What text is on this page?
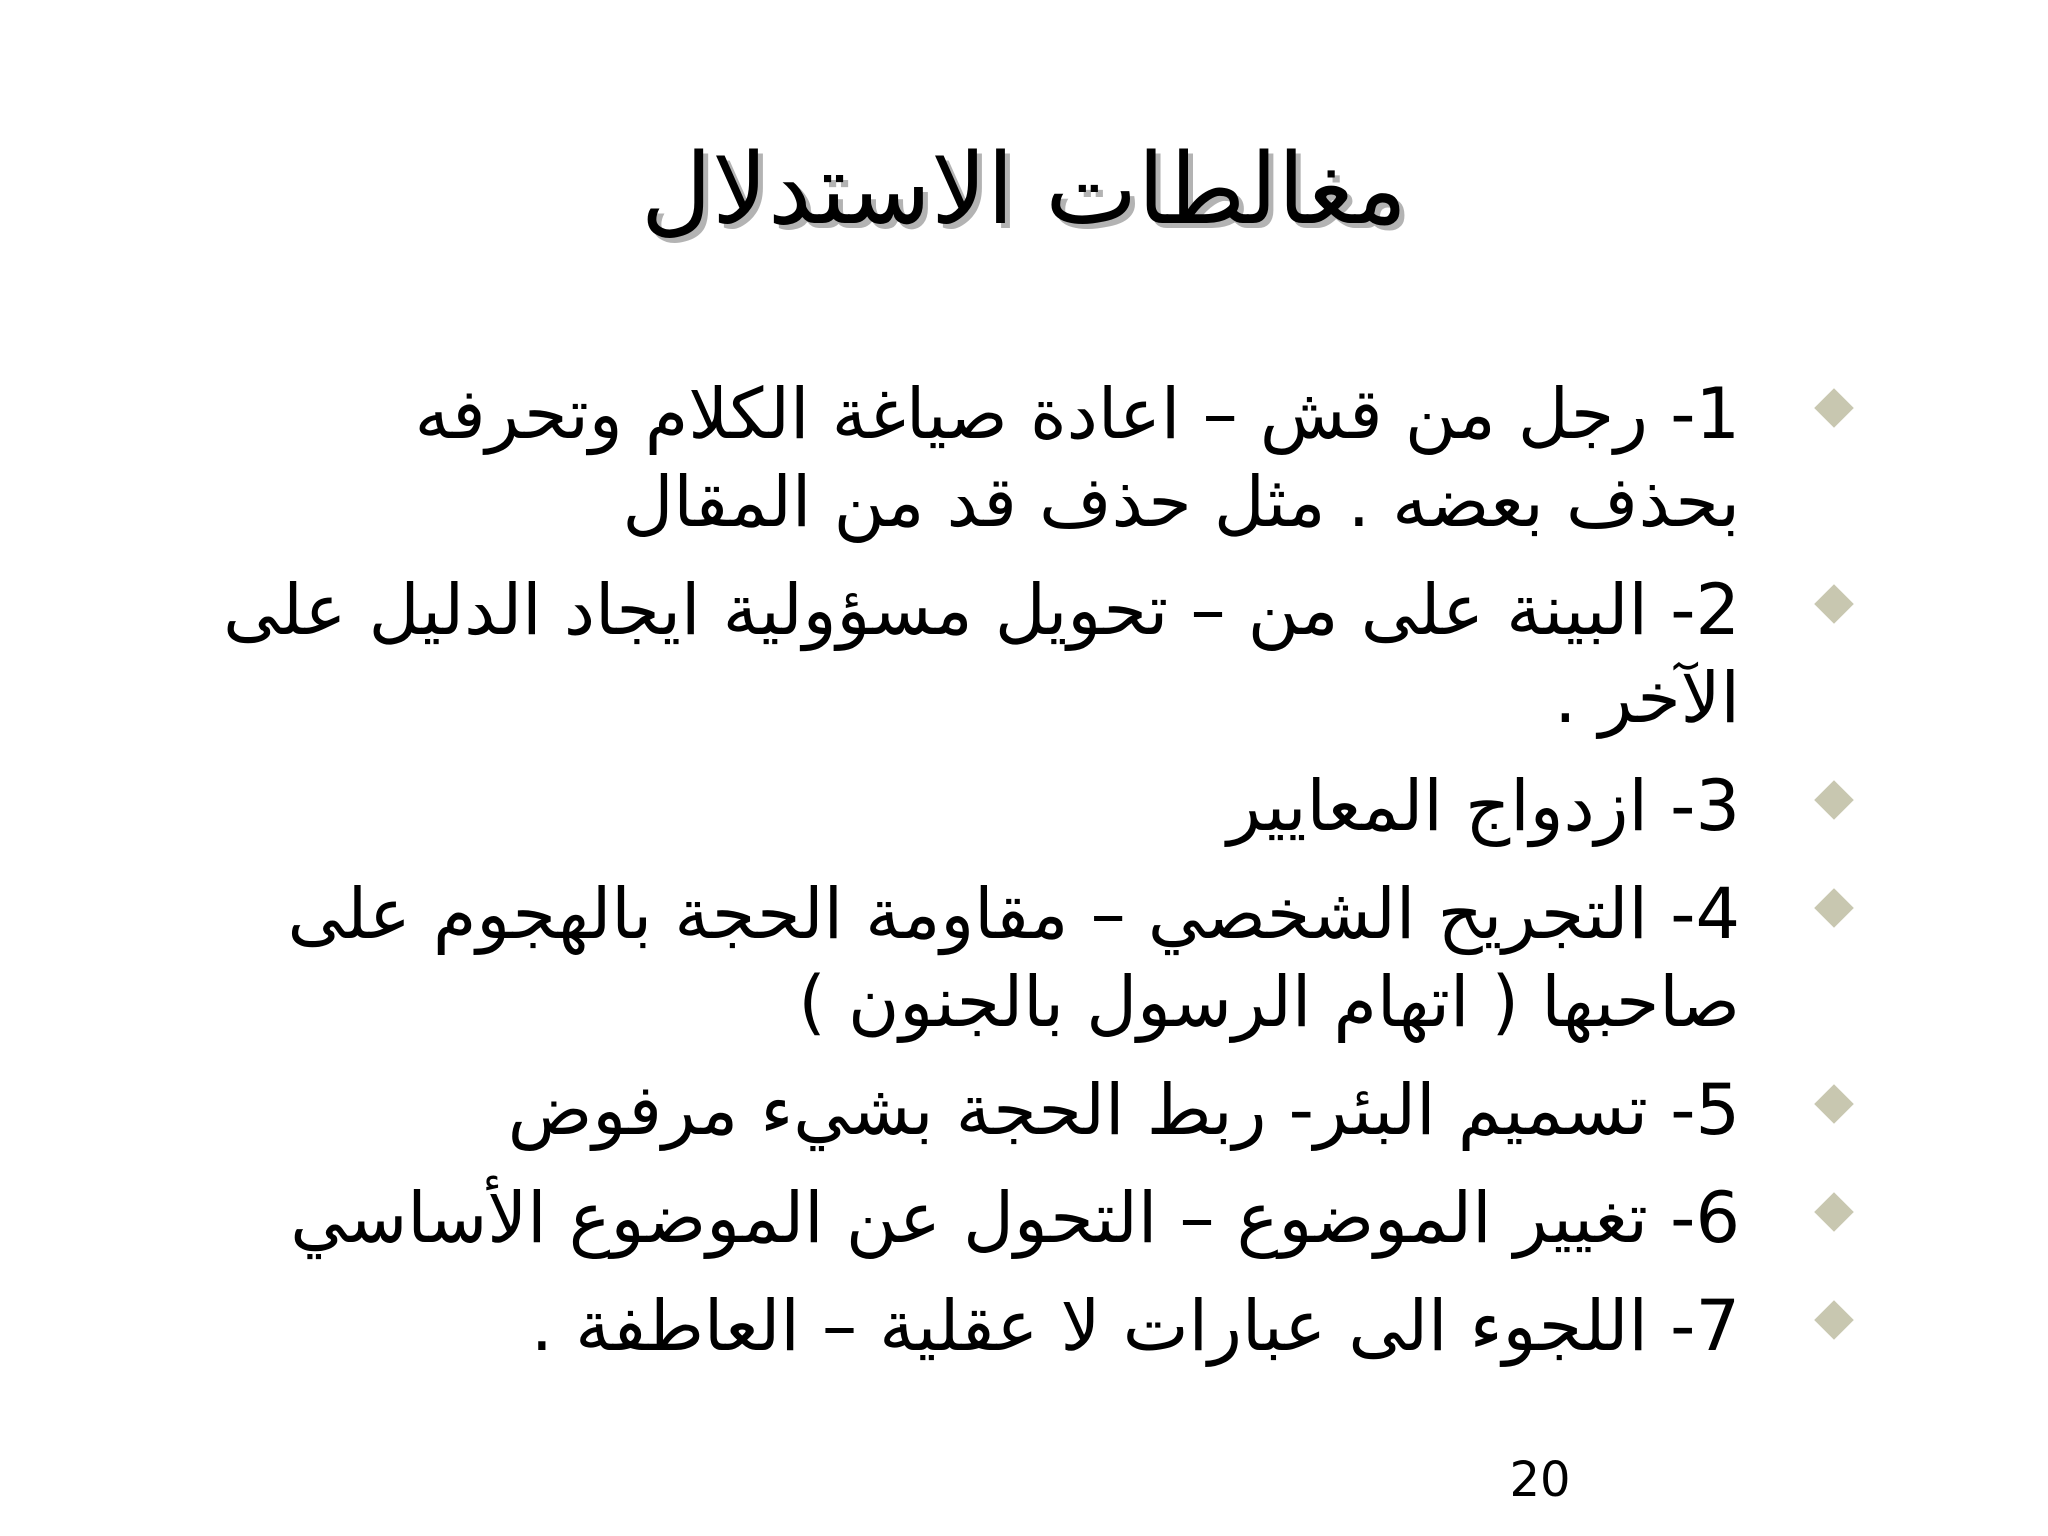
مغالطات الاستدلال
1- رجل من قش – اعادة صياغة الكلام وتحرفه بحذف بعضه . مثل حذف قد من المقال
2- البينة على من – تحويل مسؤولية ايجاد الدليل على الآخر .
3- ازدواج المعايير
4- التجريح الشخصي – مقاومة الحجة بالهجوم على صاحبها ( اتهام الرسول بالجنون )
5- تسميم البئر- ربط الحجة بشيء مرفوض
6- تغيير الموضوع – التحول عن الموضوع الأساسي
7- اللجوء الى عبارات لا عقلية – العاطفة .
20
